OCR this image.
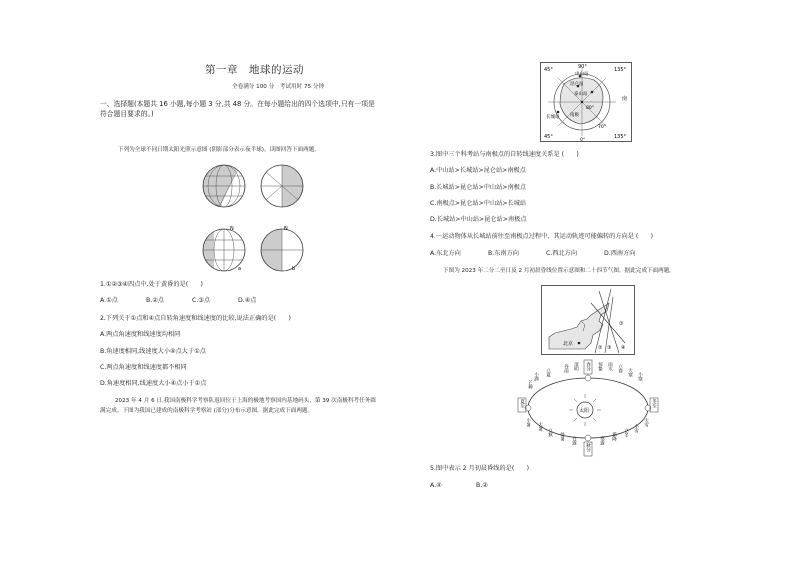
第一章　地球的运动
全卷满分 100 分　考试用时 75 分钟
一、选择题(本题共 16 小题,每小题 3 分,共 48 分。在每小题给出的四个选项中,只有一项是
符合题目要求的。)
下列为全球不同日期太阳光照示意图 (阴影部分表示夜半球)。读图回答下面两题。
N	N
a	b
1.①②③④四点中,处于黄昏的是(　　)
A.①点	B.②点	C.③点	D.④点
2.下列关于①点和④点自转角速度和线速度的比较,说法正确的是(　　)
A.两点角速度和线速度均相同
B.角速度相同,线速度大小④点大于①点
C.两点角速度和线速度都不相同
D.角速度相同,线速度大小④点小于①点
2023 年 4 月 6 日,我国南极科学考察队返回位于上海的极地考察国内基地码头，第 39 次南极科考任务圆
满完成。下图为我国已建成的南极科学考察站 (部分)分布示意图。据此完成下面两题。
45°	90°	135°
45°	135°
中山站
昆仑站
泰山站
80°
长城站 南极
南
0°
70°
3.图中三个科考站与南极点的自转线速度关系是 (　　)
A.中山站>长城站>昆仑站>南极点
B.长城站>昆仑站>中山站>南极点
C.南极点>昆仑站>中山站>长城站
D.长城站>中山站>昆仑站>南极点
4.一运动物体从长城站前往至南极点过程中，其运动轨迹可能偏转的方向是 (　　)
A.东北方向	B.东南方向	C.西北方向	D.西南方向
下图为 2023 年二分二至日及 2 月初晨昏线位置示意图和二十四节气图。据此完成下面两题。
北京
①
② ③ ④
太阳
谷雨 清明 春分 惊蛰 雨水 立春
小满 立夏
芒种
夏至
小暑
大寒 小寒
冬至
大雪
小雪
大暑
立秋 处暑 白露
秋分
寒露 霜降 立冬
5.图中表示 2 月初晨昏线的是(　　)
A.④	B.②
